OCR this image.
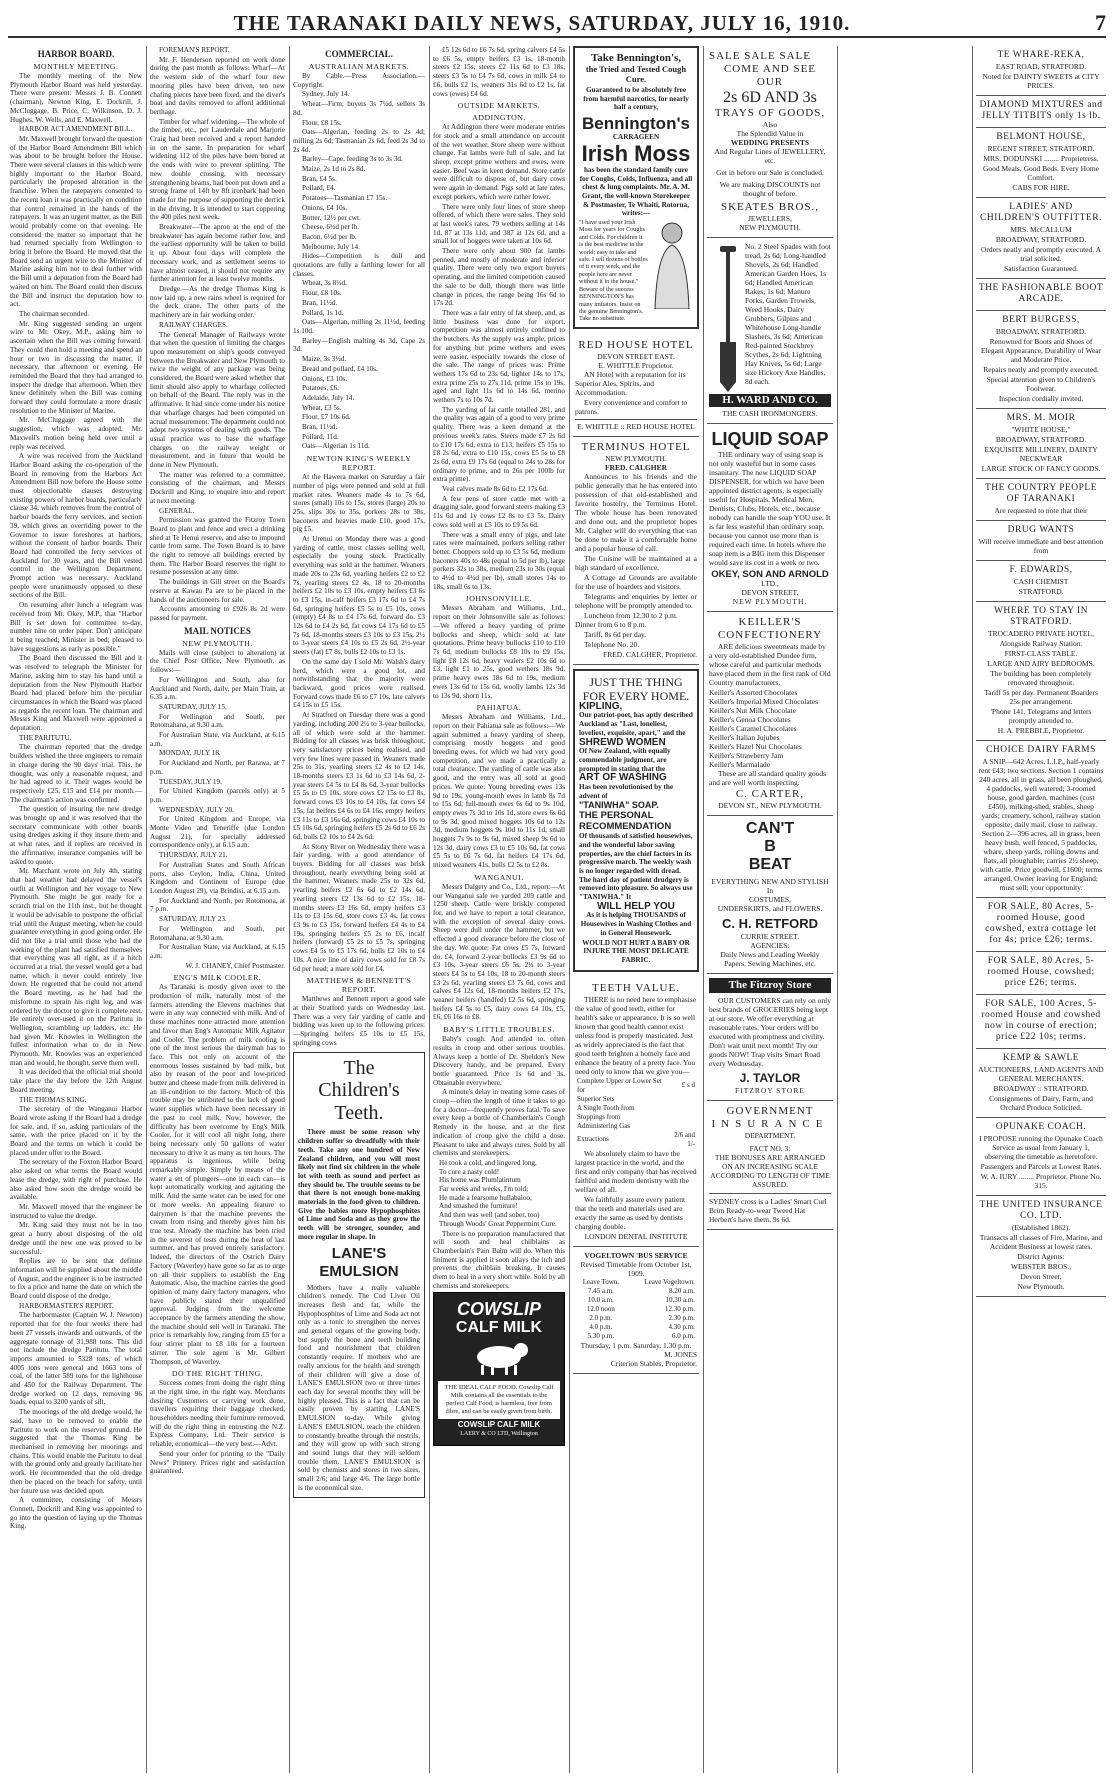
THE TARANAKI DAILY NEWS, SATURDAY, JULY 16, 1910.	7
HARBOR BOARD.
MONTHLY MEETING.

The monthly meeting of the New Plymouth Harbor Board was held yesterday. There were present: Messrs J. B. Connett (chairman), Newton King, E. Dockrill, J. McCluggage, B. Price, C. Wilkinson, D. J. Hughes, W. Wells, and E. Maxwell.

HARBOR ACT AMENDMENT BILL.

Mr. Maxwell brought forward the question of the Harbor Board Amendment Bill which was about to be brought before the House. There were several clauses in this which were highly important to the Harbor Board, particularly the proposed alteration in the franchise. When the ratepayers consented to the recent loan it was practically on condition that control remained in the hands of the ratepayers. It was an urgent matter, as the Bill would probably come on that evening. He considered the matter so important that he had returned specially from Wellington to bring it before the Board. He moved that the Board send an urgent wire to the Minister of Marine asking him not to deal further with the Bill until a deputation from the Board had waited on him. The Board could then discuss the Bill and instruct the deputation how to act.

The chairman seconded.

Mr. King suggested sending an urgent wire to Mr. Okey, M.P., asking him to ascertain when the Bill was coming forward. They could then hold a meeting and spend an hour or two in discussing the matter, if necessary, that afternoon or evening. He reminded the Board that they had arranged to inspect the dredge that afternoon. When they knew definitely when the Bill was coming forward they could formulate a more drastic resolution to the Minister of Marine.

Mr. McCluggage agreed with the suggestion, which was adopted, Mr. Maxwell's motion being held over until a reply was received.

A wire was received from the Auckland Harbor Board asking the co-operation of the Board in removing from the Harbors Act Amendment Bill now before the House some most objectionable clauses destroying existing powers of harbor boards, particularly clause 34, which removes from the control of harbor boards the ferry services, and section 39, which gives an overriding power to the Governor to issue foreshores at harbors, without the consent of harbor boards. Their Board had controlled the ferry services of Auckland for 30 years, and the Bill vested control in the Wellington Department. Prompt action was necessary. Auckland people were unanimously opposed to these sections of the Bill.

On resuming after lunch a telegram was received from Mr. Okey, M.P., that "Harbor Bill is set down for committee to-day, number nine on order paper. Don't anticipate it being reached; Minister in bed; pleased to have suggestions as early as possible."

The Board then discussed the Bill and it was resolved to telegraph the Minister for Marine, asking him to stay his hand until a deputation from the New Plymouth Harbor Board had placed before him the peculiar circumstances in which the Board was placed as regards the recent loan. The chairman and Messrs King and Maxwell were appointed a deputation.

THE PARITUTU.

The chairman reported that the dredge builders wished the three engineers to remain in charge during the 90 days' trial. This, he thought, was only a reasonable request, and he had agreed to it. Their wages would be respectively £25, £15 and £14 per month.—The chairman's action was confirmed.

The question of insuring the new dredge was brought up and it was resolved that the secretary communicate with other boards using dredges asking if they insure them and at what rates, and if replies are received in the affirmative, insurance companies will be asked to quote.

Mr. Marchant wrote on July 4th, stating that bad weather had delayed the vessel's outfit at Wellington and her voyage to New Plymouth. She might be got ready for a scratch trial on the 11th inst., but he thought it would be advisable to postpone the official trial until the August meeting, when he could guarantee everything in good going order. He did not like a trial until those who had the working of the plant had satisfied themselves that everything was all right, as if a hitch occurred at a trial, the vessel would get a bad name, which it never could entirely live down. He regretted that he could not attend the Board meeting, as he had had the misfortune to sprain his right leg, and was ordered by the doctor to give it complete rest. He entirely over-used it on the Paritutu in Wellington, scrambling up ladders, etc. He had given Mr. Knowles in Wellington the fullest information what to do in New Plymouth. Mr. Knowles was an experienced man and would, he thought, serve them well.

It was decided that the official trial should take place the day before the 12th August Board meeting.

THE THOMAS KING.

The secretary of the Wanganui Harbor Board wrote asking if the Board had a dredge for sale, and, if so, asking particulars of the same, with the price placed on it by the Board and the terms on which it could be placed under offer to the Board.

The secretary of the Foxton Harbor Board also asked on what terms the Board would lease the dredge, with right of purchase. He also asked how soon the dredge would be available.

Mr. Maxwell moved that the engineer be instructed to value the dredge.

Mr. King said they must not be in too great a hurry about disposing of the old dredge until the new one was proved to be successful.

Replies are to be sent that definite information will be supplied about the middle of August, and the engineer is to be instructed to fix a price and name the date on which the Board could dispose of the dredge.

HARBORMASTER'S REPORT.

The harbormaster (Captain W. J. Newton) reported that for the four weeks there had been 27 vessels inwards and outwards, of the aggregate tonnage of 31,988 tons. This did not include the dredge Paritutu. The total imports amounted to 5328 tons, of which 4005 tons were general and 1663 tons of coal, of the latter 589 tons for the lighthouse and 450 for the Railway Department. The dredge worked on 12 days, removing 96 loads, equal to 3200 yards of silt.

The moorings of the old dredge would, he said, have to be removed to enable the Paritutu to work on the reserved ground. He suggested that the Thomas King be mechanised in removing her moorings and chains. This would enable the Paritutu to deal with the ground only and greatly facilitate her work. He recommended that the old dredge then be placed on the beach for safety, until her future use was decided upon.

A committee, consisting of Messrs Connett, Dockrill and King was appointed to go into the question of laying up the Thomas King.

FOREMAN'S REPORT.

Mr. F. Henderson reported on work done during the past month as follows: Wharf—At the western side of the wharf four new mooring piles have been driven, ten new chafing pieces have been fixed, and the diver's boat and davits removed to afford additional berthage.

Timber for wharf widening.—The whole of the timber, etc., per Lauderdale and Marjorie Craig had been received and a report handed in on the same. In preparation for wharf widening 112 of the piles have been bored at the ends with wire to prevent splitting. The new double crossing, with necessary strengthening beams, had been put down and a strong frame of 14ft by 8ft ironbark had been made for the purpose of supporting the derrick in the driving. It is intended to start coppering the 400 piles next week.

Breakwater—The apron at the end of the breakwater has again become rather low, and the earliest opportunity will be taken to build it up. About four days will complete the necessary work, and as settlement seems to have almost ceased, it should not require any further attention for at least twelve months.

Dredge.—As the dredge Thomas King is now laid up, a new rains wheel is required for the deck crane. The other parts of the machinery are in fair working order.

RAILWAY CHARGES.

The General Manager of Railways wrote that when the question of limiting the charges upon measurement on ship's goods conveyed between the Breakwater and New Plymouth to twice the weight of any package was being considered, the Board were asked whether that limit should also apply to wharfage collected on behalf of the Board. The reply was in the affirmative. It had since come under his notice that wharfage charges had been computed on actual measurement. The department could not adopt two systems of dealing with goods. The usual practice was to base the wharfage charges on the railway weight or measurement, and in future that would be done in New Plymouth.

The matter was referred to a committee, consisting of the chairman, and Messrs Dockrill and King, to enquire into and report at next meeting.

GENERAL.

Permission was granted the Fitzroy Town Board to plant and fence and erect a drinking shed at Te Henui reserve, and also to impound cattle from same. The Town Board is to have the right to remove all buildings erected by them. The Harbor Board reserves the right to resume possession at any time.

The buildings in Gill street on the Board's reserve at Kawau Pa are to be placed in the hands of the auctioneers for sale.

Accounts amounting to £926 8s 2d were passed for payment.

MAIL NOTICES
NEW PLYMOUTH.

Mails will close (subject to alteration) at the Chief Post Office, New Plymouth, as follows:—

For Wellington and South, also for Auckland and North, daily, per Main Train, at 6.35 a.m.

SATURDAY, JULY 15.

For Wellington and South, per Rotomahana, at 9.30 a.m.

For Australian State, via Auckland, at 6.15 a.m.

MONDAY, JULY 18.

For Auckland and North, per Rarawa, at 7 p.m.

TUESDAY, JULY 19.

For United Kingdom (parcels only) at 5 p.m.

WEDNESDAY, JULY 20.

For United Kingdom and Europe, via Monte Video and Teneriffe (due London August 21), for specially addressed correspondence only), at 6.15 a.m.

THURSDAY, JULY 21.

For Australian States and South African ports, also Ceylon, India, China, United Kingdom and Continent of Europe (due London August 29), via Brindisi, at 6.15 a.m.

For Auckland and North, per Rotomona, at 7 p.m.

SATURDAY, JULY 23.

For Wellington and South, per Rotomahana, at 9.30 a.m.

For Australian State, via Auckland, at 6.15 a.m.

W. J. CHANEY, Chief Postmaster.

ENG'S MILK COOLER.

As Taranaki is mostly given over to the production of milk, naturally most of the farmers attending the Elevens machines that were in any way connected with milk. And of these machines none attracted more attention and favor than Eng's Automatic Milk Agitator and Cooler. The problem of milk cooling is one of the most serious the dairyman has to face. This not only on account of the enormous losses sustained by bad milk, but also by reason of the poor and low-priced butter and cheese made from milk delivered in an ill-condition to the factory. Much of this trouble may be attributed to the lack of good water supplies which have been necessary in the past to cool milk. Now, however, the difficulty has been overcome by Eng's Milk Cooler, for it will cool all night long, there being necessary only 50 gallons of water necessary to drive it as many as ten hours. The apparatus is ingenious, while being remarkably simple. Simply by means of the water a set of plungers—one in each can—is kept automatically working and agitating the milk. And the same water can be used for one or more weeks. An appealing feature to dairymen is that the machine prevents the cream from rising and thereby gives him his true test. Already the machine has been tried in the severest of tests during the heat of last summer, and has proved entirely satisfactory. Indeed, the directors of the Ostrich Dairy Factory (Waverley) have gone so far as to urge on all their suppliers to establish the Eng Automatic. Also, the machine carries the good opinion of many dairy factory managers, who have publicly stated their unqualified approval. Judging from the welcome acceptance by the farmers attending the show, the machine should sell well in Taranaki. The price is remarkably low, ranging from £5 for a four stirrer plant to £8 10s for a fourteen stirrer. The sole agent is Mr. Gilbert Thompson, of Waverley.

DO THE RIGHT THING.

Success comes from doing the right thing at the right time, in the right way. Merchants desiring Customers or carrying work done, travellers requiring their baggage checked, householders needing their furniture removed, will do the right thing in entrusting the N.Z. Express Company, Ltd. Their service is reliable, economical—the very best.—Advt.

Send your order for printing to the "Daily News" Printery. Prices right and satisfaction guaranteed.

COMMERCIAL.
AUSTRALIAN MARKETS.

By Cable.—Press Association.—Copyright.

Sydney, July 14.

Wheat—Firm; buyers 3s 7½d, sellers 3s 8d.

Flour, £8 15s.

Oats—Algerian, feeding 2s to 2s 4d; milling 2s 6d; Tasmanian 2s 6d, feed 2s 3d to 2s 4d.

Barley—Cape, feeding 3s to 3s 3d.

Maize, 2s 1d to 2s 8d.

Bran, £4 5s.

Pollard, £4.

Potatoes—Tasmanian £7 15s.

Onions, £4 10s.

Butter, 12½ per cwt.

Cheese, 6½d per lb.

Bacon, 6½d per lb.

Melbourne, July 14.

Hides—Competition is dull and quotations are fully a farthing lower for all classes.

Wheat, 3s 8½d.

Flour, £8 10s.

Bran, 11½d.

Pollard, 1s 1d.

Oats—Algerian, milling 2s 11½d, feeding 1s 10d.

Barley—English malting 4s 3d, Cape 2s 3d.

Maize, 3s 3½d.

Bread and pollard, £4 10s.

Onions, £3 10s.

Potatoes, £6.

Adelaide, July 14.

Wheat, £3 5s.

Flour, £7 10s 6d.

Bran, 11½d.

Pollard, 11d.

Oats—Algerian 1s 11d.

NEWTON KING'S WEEKLY REPORT.

At the Hawera market on Saturday a fair number of pigs were penned and sold at full market rates. Weaners made 4s to 7s 6d, stores (small) 10s to 15s, stores (large) 20s to 25s, slips 30s to 35s, porkers 28s to 38s, baconers and heavies made £10, good 17s, pig £5.

At Urenui on Monday there was a good yarding of cattle, most classes selling well, especially the young stock. Practically everything was sold at the hammer. Weaners made 20s to 23s 6d, yearling heifers £2 to £2 7s, yearling steers £2 4s, 18 to 20-months heifers £2 10s to £3 10s, empty heifers £3 6s to £3 15s, in-calf heifers £3 17s 6d to £4 7s 6d, springing heifers £5 5s to £5 10s, cows (empty) £4 8s to £4 17s 6d, forward do. £3 12s 6d to £4 2s 6d, fat cows £4 17s 6d to £5 7s 6d, 18-months steers £3 10s to £3 15s, 2½ to 3-year steers £4 10s to £5 2s 6d, 2½-year steers (fat) £7 8s, bulls £2 10s to £3 1s.

On the same day I sold Mr. Walsh's dairy herd, which were a good lot, and notwithstanding that the majority were backward, good prices were realised. Forward cows made £6 to £7 10s, late calvers £4 15s to £5 15s.

At Stratford on Tuesday there was a good yarding, including 200 2½ to 3-year bullocks, all of which were sold at the hammer. Bidding for all classes was brisk throughout, very satisfactory prices being realised, and very few lines were passed in. Weaners made 25s to 31s, yearling steers £2 4s to £2 14s, 18-months steers £3 1s 6d to £3 14s 6d, 2-year steers £4 5s to £4 8s 6d, 3-year bullocks £5 5s to £5 10s, store cows £2 15s to £3 8s, forward cows £3 10s to £4 10s, fat cows £4 15s, fat heifers £4 6s to £4 16s, empty heifers £3 11s to £3 16s 6d, springing cows £4 10s to £5 10s 6d, springing heifers £5 2s 6d to £6 2s 6d, bulls £2 10s to £4 2s 6d.

At Stony River on Wednesday there was a fair yarding, with a good attendance of buyers. Bidding for all classes was brisk throughout, nearly everything being sold at the hammer. Weaners made 25s to 32s 6d, yearling heifers £2 6s 6d to £2 14s 6d, yearling steers £2 13s 6d to £2 15s, 18-months steers £3 16s 6d, empty heifers £3 11s to £3 15s 6d, store cows £3 4s, fat cows £3 9s to £3 15s, forward heifers £4 4s to £4 19s, springing heifers £5 2s to £6, incalf heifers (forward) £5 2s to £5 7s, springing cows £4 5s to £5 17s 6d, bulls £2 10s to £4 10s. A nice line of dairy cows sold for £8 7s 6d per head; a mare sold for £4.

MATTHEWS & BENNETT'S REPORT.

Matthews and Bennett report a good sale at their Stratford yards on Wednesday last. There was a very fair yarding of cattle and bidding was keen up to the following prices:—Springing heifers £5 10s to £5 15s, springing cows

The
Children's
Teeth.

There must be some reason why children suffer so dreadfully with their teeth. Take any one hundred of New Zealand children, and you will most likely not find six children in the whole lot with teeth as sound and perfect as they should be. The trouble seems to be that there is not enough bone-making materials in the food given to children. Give the babies more Hypophosphites of Lime and Soda and as they grow the teeth will be stronger, sounder, and more regular in shape. In

LANE'S EMULSION

Mothers have a really valuable children's remedy. The Cod Liver Oil increases flesh and fat, while the Hypophosphites of Lime and Soda act not only as a tonic to strengthen the nerves and general organs of the growing body, but supply the bone and teeth building food and nourishment that children constantly require. If mothers who are really anxious for the health and strength of their children will give a dose of LANE'S EMULSION two or three times each day for several months they will be highly pleased. This is a fact that can be easily proven by starting LANE'S EMULSION to-day. While giving LANE'S EMULSION, teach the children to constantly breathe through the nostrils, and they will grow up with such strong and sound lungs that they will seldom trouble them. LANE'S EMULSION is sold by chemists and stores in two sizes, small 2/6; and large 4/6. The large bottle is the economical size.

£5 12s 6d to £6 7s 6d, spring calvers £4 5s to £6 5s, empty heifers £3 1s, 18-month steers £2 15s, steers £2 11s 6d to £3 18s, steers £3 5s to £4 7s 6d, cows in milk £4 to £6, bulls £2 1s, weaners 31s 6d to £2 1s, fat cows (ewes) £4 6d.

OUTSIDE MARKETS.
ADDINGTON.

At Addington there were moderate entries for stock and a small attendance on account of the wet weather. Store sheep were without change. Fat lambs were full of sale, and fat sheep, except prime wethers and ewes, were easier. Beef was in keen demand. Store cattle were difficult to dispose of, but dairy cows were again in demand. Pigs sold at late rates, except porkers, which were rather lower.

There were only four lines of store sheep offered, of which there were sales. They sold at last week's rates, 79 wethers selling at 14s 1d, 87 at 13s 11d, and 387 at 12s 6d, and a small lot of hoggets were taken at 10s 6d.

There were only about 900 fat lambs penned, and mostly of moderate and inferior quality. There were only two export buyers operating, and the limited competition caused the sale to be dull, though there was little change in prices, the range being 16s 6d to 17s 2d.

There was a fair entry of fat sheep, and, as little business was done for export, competition was almost entirely confined to the butchers. As the supply was ample, prices for anything but prime wethers and ewes were easier, especially towards the close of the sale. The range of prices was: Prime wethers 17s 6d to 23s 6d, lighter 14s to 17s, extra prime 25s to 27s 11d, prime 15s to 19s, aged and light 11s 6d to 14s 6d, merino wethers 7s to 10s 7d.

The yarding of fat cattle totalled 281, and the quality was again of a good to very prime quality. There was a keen demand at the previous week's rates. Steers made £7 2s 6d to £10 17s 6d, extra to £13, heifers £5 15s to £8 2s 6d, extra to £10 15s, cows £5 5s to £8 2s 6d, extra £9 17s 6d (equal to 24s to 28s for ordinary to prime, and to 26s per 100lb for extra prime).

Veal calves made 8s 6d to £2 17s 6d.

A few pens of store cattle met with a dragging sale, good forward steers making £3 11s 6d and 1y cows £2 8s to £3 5s. Dairy cows sold well at £5 10s to £9 5s 6d.

There was a small entry of pigs, and late rates were maintained, porkers selling rather better. Choppers sold up to £3 5s 6d, medium baconers 40s to 48s (equal to 5d per lb), large porkers 32s to 38s, medium 23s to 30s (equal to 4½d to 4¾d per lb), small stores 14s to 18s, small 6s to 13s.

JOHNSONVILLE.

Messrs Abraham and Williams, Ltd., report on their Johnsonville sale as follows:—We offered a heavy yarding of prime bullocks and sheep, which sold at late quotations. Prime heavy bullocks £10 to £10 7s 6d, medium bullocks £8 10s to £9 15s, light £8 12s 6d, heavy vealers £2 10s 6d to £3, light £1 to 25s, good wethers 18s 9d, prime heavy ewes 18s 6d to 19s, medium ewes 13s 6d to 15s 6d, woolly lambs 12s 3d to 13s 9d, shorn 11s.

PAHIATUA.

Messrs Abraham and Williams, Ltd., report on their Pahiatua sale as follows:—We again submitted a heavy yarding of sheep, comprising mostly hoggets and good breeding ewes, for which we had very good competition, and we made a practically a total clearance. The yarding of cattle was also good, and the entry was all sold at good prices. We quote: Young breeding ewes 13s 9d to 19s, young-mouth ewes in lamb 8s 7d to 15s 6d; full-mouth ewes 6s 6d to 9s 10d, empty ewes 7s 3d to 10s 1d, store ewes 6s 6d to 9s 3d, good mixed hoggets 10s 6d to 12s 3d, medium hoggets 9s 10d to 11s 1d, small hoggets 7s 9s to 9s 6d, mixed sheep 9s 6d to 12s 3d, dairy cows £3 to £5 10s 6d, fat cows £5 5s to £6 7s 6d, fat heifers £4 17s 6d, mixed weaners 41s, bulls £2 5s to £2 8s.

WANGANUI.

Messrs Dalgety and Co., Ltd., report:—At our Wanganui sale we yarded 209 cattle and 1250 sheep. Cattle were briskly competed for, and we have to report a total clearance, with the exception of several dairy cows. Sheep were dull under the hammer, but we effected a good clearance before the close of the day. We quote: Fat cows £5 7s, forward do. £4, forward 2-year bullocks £3 9s 6d to £3 10s, 3-year steers £6 5s, 2½ to 3-year steers £4 5s to £4 10s, 18 to 20-month steers £3 2s 6d, yearling steers £3 7s 6d, cows and calves £4 12s 6d, 18-months heifers £2 17s, weaner heifers (handfed) £2 5s 6d, springing heifers £4 5s to £5, dairy cows £4 10s, £5, £6, £6 16s to £8.

BABY'S LITTLE TROUBLES.

Baby's cough. And attended to, often results in croup and other serious troubles. Always keep a bottle of Dr. Sheldon's New Discovery handy, and be prepared. Every bottle guaranteed. Price 1s 6d and 3s. Obtainable everywhere.

A minute's delay in treating some cases of croup—often the length of time it takes to go for a doctor—frequently proves fatal. To save every keep a bottle of Chamberlain's Cough Remedy in the house, and at the first indication of croup give the child a dose. Pleasant to take and always cures. Sold by all chemists and storekeepers.

He took a cold, and lingered long,
To cure a nasty cold!
His home was Plumlatintum
Far weeks and weeks, I'm told;
He made a fearsome hullabaloo,
And smashed the furniture!
And then was well (and sober, too)
Through Woods' Great Peppermint Cure.

There is no preparation manufactured that will sooth and heal chilblains as Chamberlain's Pain Balm will do. When this liniment is applied it soon allays the itch and prevents the chilblain breaking. It causes them to heal in a very short while. Sold by all chemists and storekeepers.

COWSLIP
CALF MILK
THE IDEAL CALF FOOD. Cowslip Calf Milk contains all the essentials to the perfect Calf Food, is harmless, free from fibre, and can be easily given from birth.
COWSLIP CALF MILK
LAERY & CO LTD, Wellington
Take Bennington's,
the Tried and Tested Cough Cure.
Guaranteed to be absolutely free from harmful narcotics, for nearly half a century,
Bennington's
CARRAGEEN
Irish Moss

has been the standard family cure for Coughs, Colds, Influenza, and all chest & lung complaints. Mr. A. M. Grant, the well-known Storekeeper & Postmaster, Te Whaiti, Rotorua, writes:—

"I have used your Irish Moss for years for Coughs and Colds. For children it is the best medicine in the world; easy to take and safe. I sell dozens of bottles of it every week, and the people here are never without it in the house."
Beware of the success BENNINGTON'S has many imitators. Insist on the genuine Bennington's. Take no substitute.
RED HOUSE HOTEL
DEVON STREET EAST.
E. WHITTLE Proprietor.

AN Hotel with a reputation for its Superior Ales, Spirits, and Accommodation.

Every convenience and comfort to patrons.

E. WHITTLE :: RED HOUSE HOTEL
TERMINUS HOTEL
NEW PLYMOUTH.
FRED. CALGHER

Announces to his friends and the public generally that he has entered into possession of that old-established and favorite hostelry, the Terminus Hotel. The whole house has been renovated and done out, and the proprietor hopes Mr. Calgher will do everything that can be done to make it a comfortable home and a popular house of call.

The Cuisine will be maintained at a high standard of excellence.

A Cottage ad Grounds are available for the use of boarders and visitors.

Telegrams and enquiries by letter or telephone will be promptly attended to.

Luncheon from 12.30 to 2 p.m. Dinner from 6 to 8 p.m.

Tariff, 8s 6d per day.

Telephone No. 20.

FRED. CALGHER, Proprietor.
JUST THE THING FOR EVERY HOME.
KIPLING,

Our patriot-poet, has aptly described Auckland as "Last, loneliest, loveliest, exquisite, apart," and the

SHREWD WOMEN

Of New Zealand, with equally commendable judgment, are prompted in stating that the

ART OF WASHING

Has been revolutionised by the advent of

"TANIWHA" SOAP.
THE PERSONAL RECOMMENDATION

Of thousands of satisfied housewives, and the wonderful labor saving properties, are the chief factors in its progressive march. The weekly wash is no longer regarded with dread. The hard day of patient drudgery is removed into pleasure. So always use "TANIWHA." It

WILL HELP YOU

As it is helping THOUSANDS of Housewives in Washing Clothes and in General Housework.

WOULD NOT HURT A BABY OR INJURE THE MOST DELICATE FABRIC.

TEETH VALUE.

THERE is no need here to emphasise the value of good teeth, either for health's sake or appearance. It is so well known that good health cannot exist unless food is properly masticated. Just as widely appreciated is the fact that good teeth brighten a homely face and enhance the beauty of a pretty face. You need only to know that we give you—

Complete Upper or Lower Set for	£ s d
Superior Sets	
A Single Tooth from	
Stoppings from	
Administering Gas	
Extractions	2/6 and 1/-

We absolutely claim to have the largest practice in the world, and the first and only company that has received faithful and modern dentistry with the welfare of all.

We faithfully assure every patient that the teeth and materials used are exactly the same as used by dentists charging double.

LONDON DENTAL INSTITUTE
VOGELTOWN 'BUS SERVICE
Revised Timetable from October 1st, 1909.
Leave Town.	Leave Vogeltown.
7.45 a.m.	8.20 a.m.
10.0 a.m.	10.30 a.m.
12.0 noon	12.30 p.m.
2.0 p.m.	2.30 p.m.
4.0 p.m.	4.30 p.m.
5.30 p.m.	6.0 p.m.
Thursday, 1 p.m. Saturday, 1.30 p.m.
M. JONES
Criterion Stables, Proprietor.
SALE SALE SALE
COME AND SEE OUR
2s 6D AND 3s
TRAYS OF GOODS,
Also
The Splendid Value in
WEDDING PRESENTS
And Regular Lines of JEWELLERY, etc.
Get in before our Sale is concluded.
We are making DISCOUNTS not thought of before.
SKEATES BROS.,
JEWELLERS,
NEW PLYMOUTH.

No. 2 Steel Spades with foot tread, 2s 6d; Long-handled Shovels, 2s 6d; Handled American Garden Hoes, 1s 6d; Handled American Rakes, 1s 6d; Manure Forks, Garden Trowels, Weed Hooks, Dairy Grubbers, Gilpins and Whitehouse Long-handle Slashers, 3s 6d; American Red-painted Stockbrey Scythes, 2s 6d; Lightning Hay Knives, 5s 6d; Large size Hickory Axe Handles, 8d each.

H. WARD AND CO.
THE CASH IRONMONGERS.
LIQUID SOAP

THE ordinary way of using soap is not only wasteful but in some cases insanitary. The new LIQUID SOAP DISPENSER, for which we have been appointed district agents, is especially useful for Hospitals, Medical Men, Dentists, Clubs, Hotels, etc., because nobody can handle the soap YOU use. It is far less wasteful than ordinary soap, because you cannot use more than is required each time. In hotels where the soap item is a BIG item this Dispenser would save its cost in a week or two.

OKEY, SON AND ARNOLD
LTD.,
DEVON STREET,
NEW PLYMOUTH.
KEILLER'S
CONFECTIONERY

ARE delicious sweetmeats made by a very old-established Dundee firm, whose careful and particular methods have placed them in the first rank of Old Country manufacturers.

Keiller's Assorted Chocolates
Keiller's Imperial Mixed Chocolates
Keiller's Nut Milk Chocolate
Keiller's Genoa Chocolates
Keiller's Caramel Chocolates
Keiller's Italian Jujubes
Keiller's Hazel Nut Chocolates
Keiller's Strawberry Jam
Keiller's Marmalade

These are all standard quality goods and are well worth inspecting.

C. CARTER,
DEVON ST., NEW PLYMOUTH.
CAN'T
B
BEAT
EVERYTHING NEW AND STYLISH In
COSTUMES,
UNDERSKIRTS, and FLOWERS.
C. H. RETFORD
CURRIE STREET.
AGENCIES:
Daily News and Leading Weekly Papers. Sewing Machines, etc.
The Fitzroy Store

OUR CUSTOMERS can rely on only best brands of GROCERIES being kept at our store. We offer everything at reasonable rates. Your orders will be executed with promptness and civility. Don't wait until next month! Try our goods NOW! Trap visits Smart Road every Wednesday.

J. TAYLOR
FITZROY STORE
GOVERNMENT
INSURANCE
DEPARTMENT.
FACT NO. 3:
THE BONUSES ARE ARRANGED ON AN INCREASING SCALE ACCORDING TO LENGTH OF TIME ASSURED.
SYDNEY cross is a Ladies' Smart Curl Brim Ready-to-wear Tweed Hat Herbert's have them, 9s 6d.
TE WHARE-REKA,
EAST ROAD, STRATFORD.
Noted for DAINTY SWEETS at CITY PRICES.
DIAMOND MIXTURES and JELLY TITBITS only 1s lb.
BELMONT HOUSE,
REGENT STREET, STRATFORD.
MRS. DODUNSKI ........ Proprietress.
Good Meals. Good Beds. Every Home Comfort.
CABS FOR HIRE.
LADIES' AND CHILDREN'S OUTFITTER.
MRS. McCALLUM
BROADWAY, STRATFORD.
Orders neatly and promptly executed. A trial solicited.
Satisfaction Guaranteed.
THE FASHIONABLE BOOT ARCADE.
BERT BURGESS,
BROADWAY, STRATFORD.
Renowned for Boots and Shoes of Elegant Appearance, Durability of Wear and Moderate Price.
Repairs neatly and promptly executed.
Special attention given to Children's Footwear.
Inspection cordially invited.
MRS. M. MOIR
"WHITE HOUSE,"
BROADWAY, STRATFORD.
EXQUISITE MILLINERY, DAINTY NECKWEAR
LARGE STOCK OF FANCY GOODS.
THE COUNTRY PEOPLE OF TARANAKI
Are requested to note that their
DRUG WANTS
Will receive immediate and best attention from
F. EDWARDS,
CASH CHEMIST
STRATFORD.
WHERE TO STAY IN STRATFORD.
TROCADERO PRIVATE HOTEL,
Alongside Railway Station.
FIRST-CLASS TABLE.
LARGE AND AIRY BEDROOMS.
The building has been completely renovated throughout.
Tariff 5s per day. Permanent Boarders 25s per arrangement.
'Phone 141. Telegrams and letters promptly attended to.
H. A. PREBBLE, Proprietor.
CHOICE DAIRY FARMS
A SNIP—642 Acres, L.I.P., half-yearly rent £43; two sections. Section 1 contains 240 acres, all in grass, all been ploughed, 4 paddocks, well watered; 3-roomed house, good garden, machines (cost £450), milking-shed, stables, sheep yards; creamery, school, railway station opposite; daily mail, close to railway. Section 2—396 acres, all in grass, been heavy bush, well fenced, 5 paddocks, whare, sheep yards, rolling downs and flats, all ploughable; carries 2½ sheep, with cattle. Price goodwill, £1600; terms arranged. Owner leaving for England; must sell; your opportunity.
FOR SALE, 80 Acres, 5-roomed House, good cowshed, extra cottage let for 4s; price £26; terms.
FOR SALE, 80 Acres, 5-roomed House, cowshed; price £26; terms.
FOR SALE, 100 Acres, 5-roomed House and cowshed now in course of erection; price £22 10s; terms.
KEMP & SAWLE
AUCTIONEERS, LAND AGENTS AND GENERAL MERCHANTS,
BROADWAY :: STRATFORD.
Consignments of Dairy, Farm, and Orchard Produce Solicited.
OPUNAKE COACH.
I PROPOSE running the Opunake Coach Service as usual from January 1, observing the timetable as heretofore.
Passengers and Parcels at Lowest Rates.
W. A. IURY ........ Proprietor. Phone No. 315.
THE UNITED INSURANCE CO. LTD.
(Established 1862).
Transacts all classes of Fire, Marine, and Accident Business at lowest rates.
District Agents:
WEBSTER BROS.,
Devon Street,
New Plymouth.
